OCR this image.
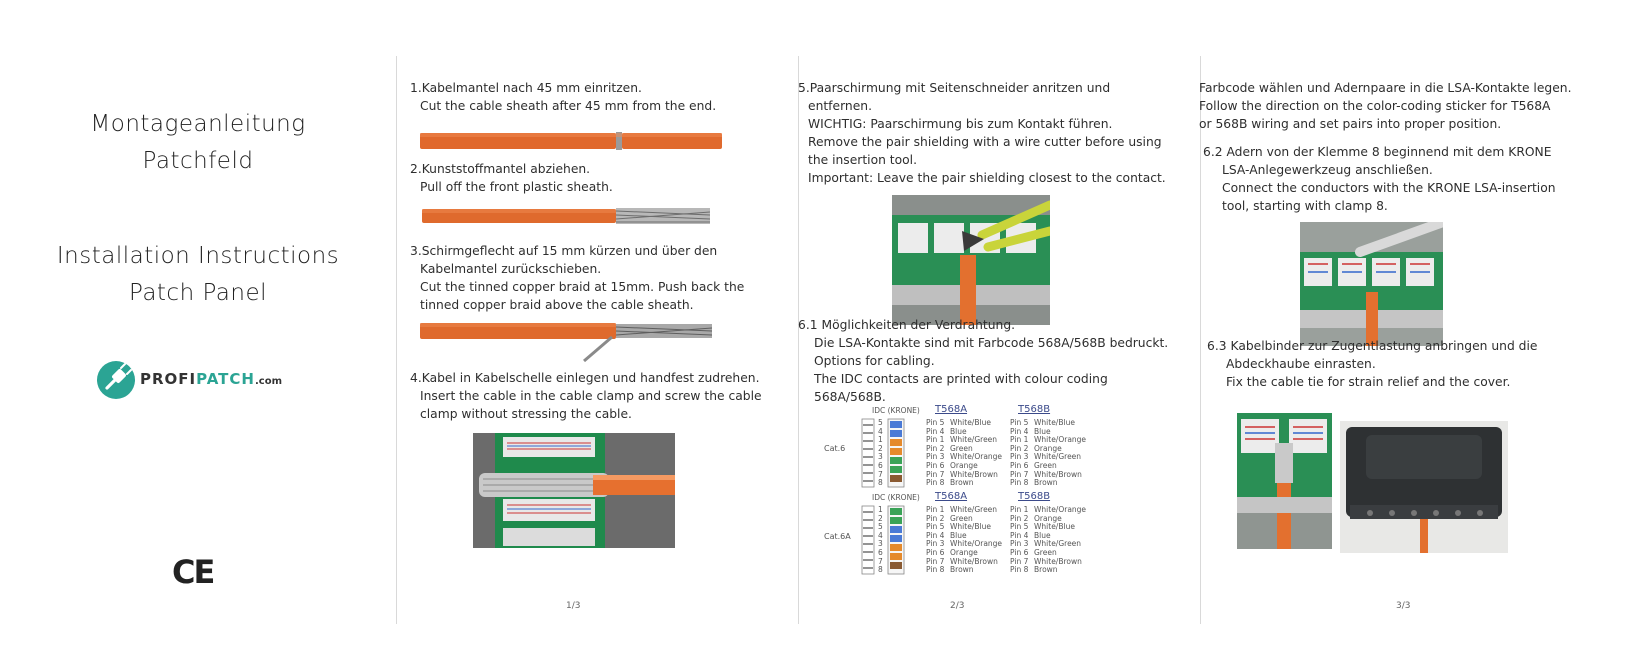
Montageanleitung
Patchfeld
Installation Instructions
Patch Panel
PROFIPATCH.com
CE
1.Kabelmantel nach 45 mm einritzen.
Cut the cable sheath after 45 mm from the end.
2.Kunststoffmantel abziehen.
Pull off the front plastic sheath.
3.Schirmgeflecht auf 15 mm kürzen und über den
Kabelmantel zurückschieben.
Cut the tinned copper braid at 15mm. Push back the
tinned copper braid above the cable sheath.
4.Kabel in Kabelschelle einlegen und handfest zudrehen.
Insert the cable in the cable clamp and screw the cable
clamp without stressing the cable.
1/3
5.Paarschirmung mit Seitenschneider anritzen und
entfernen.
WICHTIG: Paarschirmung bis zum Kontakt führen.
Remove the pair shielding with a wire cutter before using
the insertion tool.
Important: Leave the pair shielding closest to the contact.
6.1 Möglichkeiten der Verdrahtung.
Die LSA-Kontakte sind mit Farbcode 568A/568B bedruckt.
Options for cabling.
The IDC contacts are printed with colour coding
568A/568B.
IDC (KRONE) T568A	T568B
Cat.6
5
4
1
2
3
6
7
8
Pin 5
Pin 4
Pin 1
Pin 2
Pin 3
Pin 6
Pin 7
Pin 8
White/Blue
Blue
White/Green
Green
White/Orange
Orange
White/Brown
Brown
Pin 5
Pin 4
Pin 1
Pin 2
Pin 3
Pin 6
Pin 7
Pin 8
White/Blue
Blue
White/Orange
Orange
White/Green
Green
White/Brown
Brown
IDC (KRONE) T568A	T568B
Cat.6A
1
2
5
4
3
6
7
8
Pin 1
Pin 2
Pin 5
Pin 4
Pin 3
Pin 6
Pin 7
Pin 8
White/Green
Green
White/Blue
Blue
White/Orange
Orange
White/Brown
Brown
Pin 1
Pin 2
Pin 5
Pin 4
Pin 3
Pin 6
Pin 7
Pin 8
White/Orange
Orange
White/Blue
Blue
White/Green
Green
White/Brown
Brown
2/3
Farbcode wählen und Adernpaare in die LSA-Kontakte legen.
Follow the direction on the color-coding sticker for T568A
or 568B wiring and set pairs into proper position.
6.2 Adern von der Klemme 8 beginnend mit dem KRONE
LSA-Anlegewerkzeug anschließen.
Connect the conductors with the KRONE LSA-insertion
tool, starting with clamp 8.
6.3 Kabelbinder zur Zugentlastung anbringen und die
Abdeckhaube einrasten.
Fix the cable tie for strain relief and the cover.
3/3
